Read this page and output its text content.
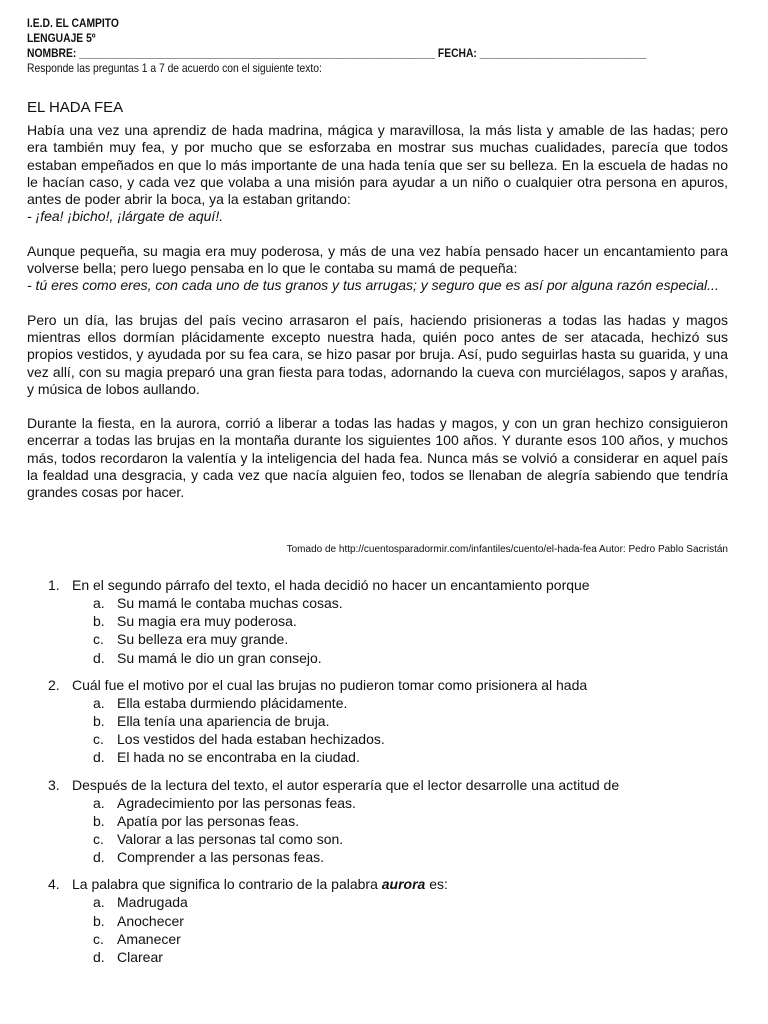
I.E.D. EL CAMPITO
LENGUAJE 5º
NOMBRE: ______________________________________________________________ FECHA: _____________________________
Responde las preguntas 1 a 7 de acuerdo con el siguiente texto:
EL HADA FEA

Había una vez una aprendiz de hada madrina, mágica y maravillosa, la más lista y amable de las hadas; pero era también muy fea, y por mucho que se esforzaba en mostrar sus muchas cualidades, parecía que todos estaban empeñados en que lo más importante de una hada tenía que ser su belleza. En la escuela de hadas no le hacían caso, y cada vez que volaba a una misión para ayudar a un niño o cualquier otra persona en apuros, antes de poder abrir la boca, ya la estaban gritando:
- ¡fea! ¡bicho!, ¡lárgate de aquí!.

Aunque pequeña, su magia era muy poderosa, y más de una vez había pensado hacer un encantamiento para volverse bella; pero luego pensaba en lo que le contaba su mamá de pequeña:
- tú eres como eres, con cada uno de tus granos y tus arrugas; y seguro que es así por alguna razón especial...

Pero un día, las brujas del país vecino arrasaron el país, haciendo prisioneras a todas las hadas y magos mientras ellos dormían plácidamente excepto nuestra hada, quién poco antes de ser atacada, hechizó sus propios vestidos, y ayudada por su fea cara, se hizo pasar por bruja. Así, pudo seguirlas hasta su guarida, y una vez allí, con su magia preparó una gran fiesta para todas, adornando la cueva con murciélagos, sapos y arañas, y música de lobos aullando.

Durante la fiesta, en la aurora, corrió a liberar a todas las hadas y magos, y con un gran hechizo consiguieron encerrar a todas las brujas en la montaña durante los siguientes 100 años. Y durante esos 100 años, y muchos más, todos recordaron la valentía y la inteligencia del hada fea. Nunca más se volvió a considerar en aquel país la fealdad una desgracia, y cada vez que nacía alguien feo, todos se llenaban de alegría sabiendo que tendría grandes cosas por hacer.

Tomado de http://cuentosparadormir.com/infantiles/cuento/el-hada-fea Autor: Pedro Pablo Sacristán
1. En el segundo párrafo del texto, el hada decidió no hacer un encantamiento porque
a. Su mamá le contaba muchas cosas.
b. Su magia era muy poderosa.
c. Su belleza era muy grande.
d. Su mamá le dio un gran consejo.
2. Cuál fue el motivo por el cual las brujas no pudieron tomar como prisionera al hada
a. Ella estaba durmiendo plácidamente.
b. Ella tenía una apariencia de bruja.
c. Los vestidos del hada estaban hechizados.
d. El hada no se encontraba en la ciudad.
3. Después de la lectura del texto, el autor esperaría que el lector desarrolle una actitud de
a. Agradecimiento por las personas feas.
b. Apatía por las personas feas.
c. Valorar a las personas tal como son.
d. Comprender a las personas feas.
4. La palabra que significa lo contrario de la palabra aurora es:
a. Madrugada
b. Anochecer
c. Amanecer
d. Clarear
